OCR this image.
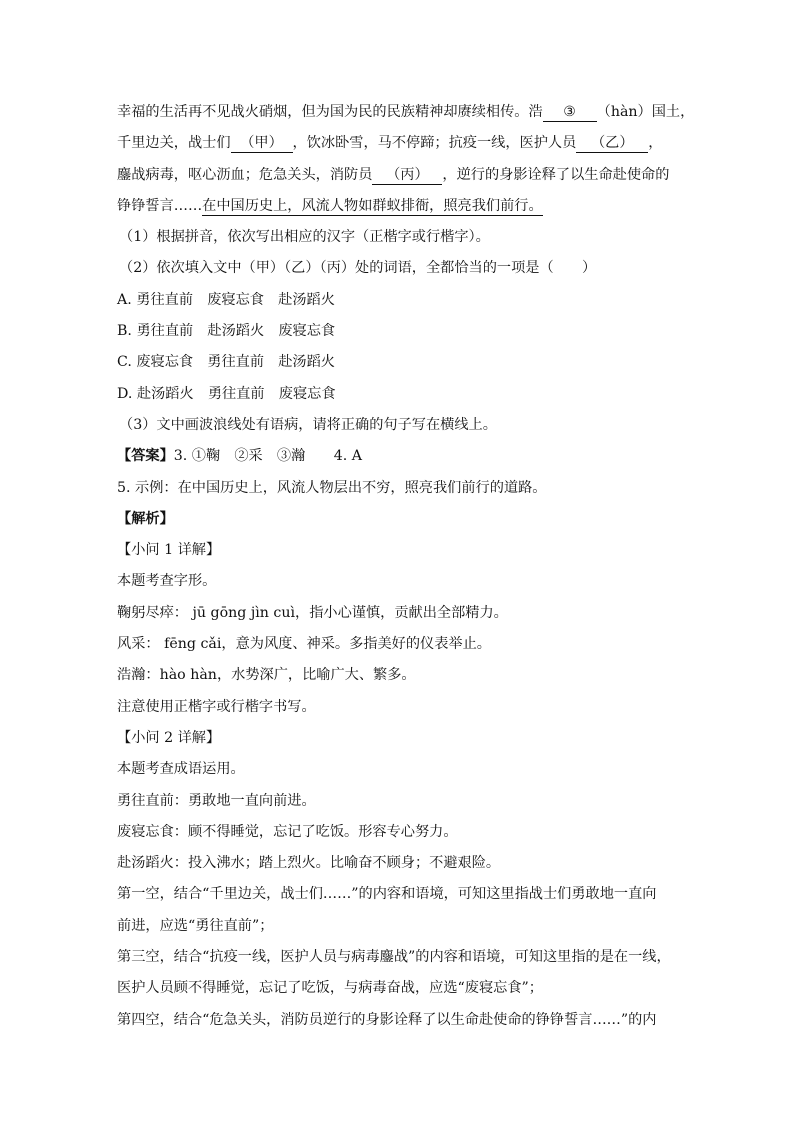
幸福的生活再不见战火硝烟，但为国为民的民族精神却赓续相传。浩 ③ （hàn）国土，
千里边关，战士们 （甲） ，饮冰卧雪，马不停蹄；抗疫一线，医护人员 （乙） ，
鏖战病毒，呕心沥血；危急关头，消防员 （丙） ，逆行的身影诠释了以生命赴使命的
铮铮誓言……在中国历史上，风流人物如群蚁排衙，照亮我们前行。
（1）根据拼音，依次写出相应的汉字（正楷字或行楷字）。
（2）依次填入文中（甲）（乙）（丙）处的词语，全都恰当的一项是（　　）
A. 勇往直前　废寝忘食　赴汤蹈火
B. 勇往直前　赴汤蹈火　废寝忘食
C. 废寝忘食　勇往直前　赴汤蹈火
D. 赴汤蹈火　勇往直前　废寝忘食
（3）文中画波浪线处有语病，请将正确的句子写在横线上。
【答案】3. ①鞠　②采　③瀚　　4. A
5. 示例：在中国历史上，风流人物层出不穷，照亮我们前行的道路。
【解析】
【小问 1 详解】
本题考查字形。
鞠躬尽瘁： jū gōng jìn cuì，指小心谨慎，贡献出全部精力。
风采： fēng cǎi，意为风度、神采。多指美好的仪表举止。
浩瀚：hào hàn，水势深广，比喻广大、繁多。
注意使用正楷字或行楷字书写。
【小问 2 详解】
本题考查成语运用。
勇往直前：勇敢地一直向前进。
废寝忘食：顾不得睡觉，忘记了吃饭。形容专心努力。
赴汤蹈火：投入沸水；踏上烈火。比喻奋不顾身；不避艰险。
第一空，结合“千里边关，战士们……”的内容和语境，可知这里指战士们勇敢地一直向
前进，应选“勇往直前”；
第三空，结合“抗疫一线，医护人员与病毒鏖战”的内容和语境，可知这里指的是在一线，
医护人员顾不得睡觉，忘记了吃饭，与病毒奋战，应选“废寝忘食”；
第四空，结合“危急关头，消防员逆行的身影诠释了以生命赴使命的铮铮誓言……”的内
